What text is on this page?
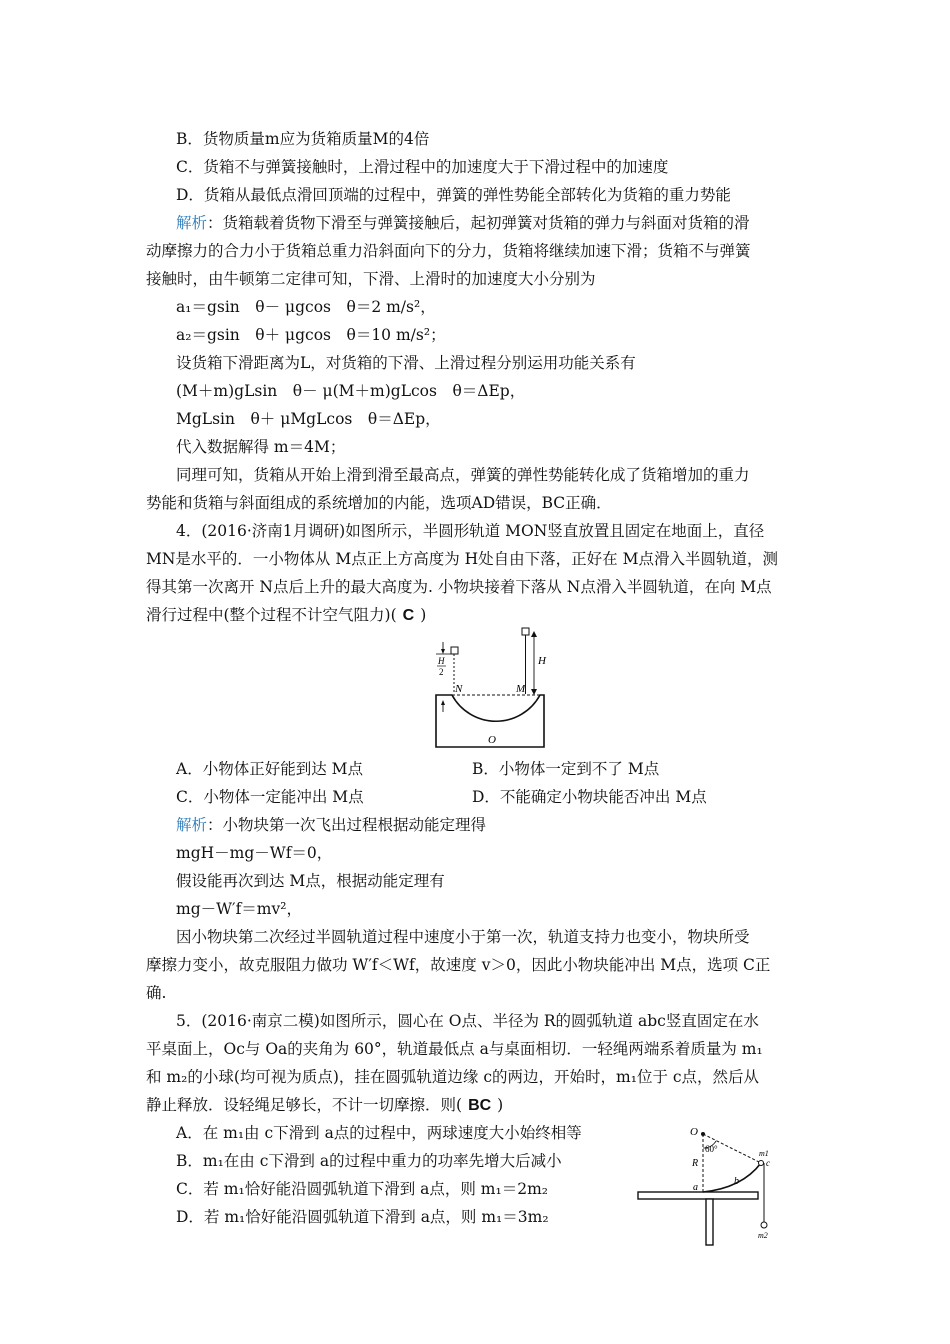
B．货物质量m应为货箱质量M的4倍
C．货箱不与弹簧接触时，上滑过程中的加速度大于下滑过程中的加速度
D．货箱从最低点滑回顶端的过程中，弹簧的弹性势能全部转化为货箱的重力势能
解析：货箱载着货物下滑至与弹簧接触后，起初弹簧对货箱的弹力与斜面对货箱的滑
动摩擦力的合力小于货箱总重力沿斜面向下的分力，货箱将继续加速下滑；货箱不与弹簧
接触时，由牛顿第二定律可知，下滑、上滑时的加速度大小分别为
a₁＝gsin　θ－ μgcos　θ＝2 m/s²，
a₂＝gsin　θ＋ μgcos　θ＝10 m/s²；
设货箱下滑距离为L，对货箱的下滑、上滑过程分别运用功能关系有
(M＋m)gLsin　θ－ μ(M＋m)gLcos　θ＝ΔEp，
MgLsin　θ＋ μMgLcos　θ＝ΔEp，
代入数据解得 m＝4M；
同理可知，货箱从开始上滑到滑至最高点，弹簧的弹性势能转化成了货箱增加的重力
势能和货箱与斜面组成的系统增加的内能，选项AD错误，BC正确．
4．(2016·济南1月调研)如图所示，半圆形轨道 MON竖直放置且固定在地面上，直径
MN是水平的．一小物体从 M点正上方高度为 H处自由下落，正好在 M点滑入半圆轨道，测
得其第一次离开 N点后上升的最大高度为. 小物块接着下落从 N点滑入半圆轨道，在向 M点
滑行过程中(整个过程不计空气阻力)( C )
H
H
2
N	M
O
A．小物体正好能到达 M点	B．小物体一定到不了 M点
C．小物体一定能冲出 M点	D．不能确定小物块能否冲出 M点
解析：小物块第一次飞出过程根据动能定理得
mgH－mg－Wf＝0，
假设能再次到达 M点，根据动能定理有
mg－W′f＝mv²，
因小物块第二次经过半圆轨道过程中速度小于第一次，轨道支持力也变小，物块所受
摩擦力变小，故克服阻力做功 W′f＜Wf，故速度 v＞0，因此小物块能冲出 M点，选项 C正
确.
5．(2016·南京二模)如图所示，圆心在 O点、半径为 R的圆弧轨道 abc竖直固定在水
平桌面上，Oc与 Oa的夹角为 60°，轨道最低点 a与桌面相切．一轻绳两端系着质量为 m₁
和 m₂的小球(均可视为质点)，挂在圆弧轨道边缘 c的两边，开始时，m₁位于 c点，然后从
静止释放．设轻绳足够长，不计一切摩擦．则( BC )
A．在 m₁由 c下滑到 a点的过程中，两球速度大小始终相等
B．m₁在由 c下滑到 a的过程中重力的功率先增大后减小
C．若 m₁恰好能沿圆弧轨道下滑到 a点，则 m₁＝2m₂
D．若 m₁恰好能沿圆弧轨道下滑到 a点，则 m₁＝3m₂
O
60°
R
a
b
c
m1
m2
